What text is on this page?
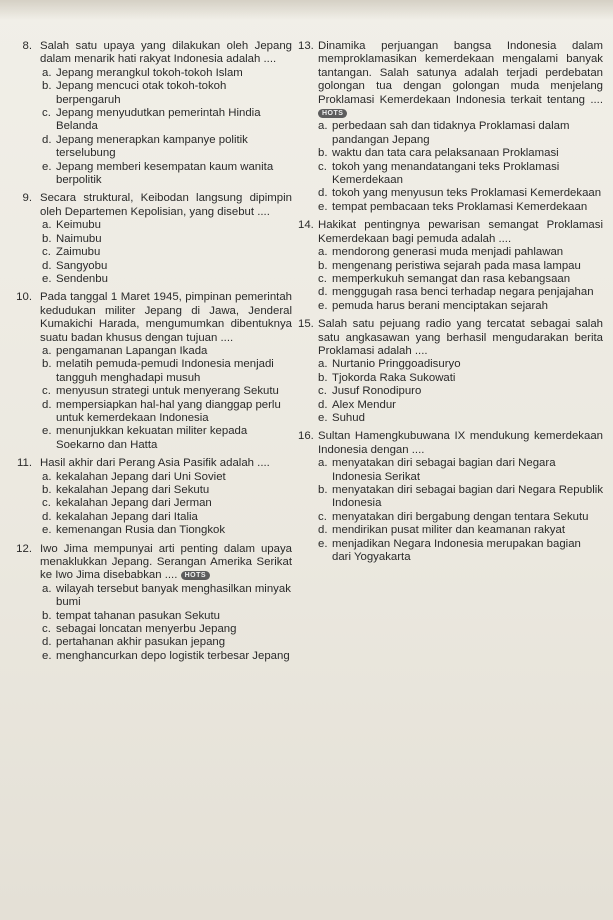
8. Salah satu upaya yang dilakukan oleh Jepang dalam menarik hati rakyat Indonesia adalah ....
a. Jepang merangkul tokoh-tokoh Islam
b. Jepang mencuci otak tokoh-tokoh berpengaruh
c. Jepang menyudutkan pemerintah Hindia Belanda
d. Jepang menerapkan kampanye politik terselubung
e. Jepang memberi kesempatan kaum wanita berpolitik
9. Secara struktural, Keibodan langsung dipimpin oleh Departemen Kepolisian, yang disebut ....
a. Keimubu
b. Naimubu
c. Zaimubu
d. Sangyobu
e. Sendenbu
10. Pada tanggal 1 Maret 1945, pimpinan pemerintah kedudukan militer Jepang di Jawa, Jenderal Kumakichi Harada, mengumumkan dibentuknya suatu badan khusus dengan tujuan ....
a. pengamanan Lapangan Ikada
b. melatih pemuda-pemudi Indonesia menjadi tangguh menghadapi musuh
c. menyusun strategi untuk menyerang Sekutu
d. mempersiapkan hal-hal yang dianggap perlu untuk kemerdekaan Indonesia
e. menunjukkan kekuatan militer kepada Soekarno dan Hatta
11. Hasil akhir dari Perang Asia Pasifik adalah ....
a. kekalahan Jepang dari Uni Soviet
b. kekalahan Jepang dari Sekutu
c. kekalahan Jepang dari Jerman
d. kekalahan Jepang dari Italia
e. kemenangan Rusia dan Tiongkok
12. Iwo Jima mempunyai arti penting dalam upaya menaklukkan Jepang. Serangan Amerika Serikat ke Iwo Jima disebabkan .... HOTS
a. wilayah tersebut banyak menghasilkan minyak bumi
b. tempat tahanan pasukan Sekutu
c. sebagai loncatan menyerbu Jepang
d. pertahanan akhir pasukan jepang
e. menghancurkan depo logistik terbesar Jepang
13. Dinamika perjuangan bangsa Indonesia dalam memproklamasikan kemerdekaan mengalami banyak tantangan. Salah satunya adalah terjadi perdebatan golongan tua dengan golongan muda menjelang Proklamasi Kemerdekaan Indonesia terkait tentang .... HOTS
a. perbedaan sah dan tidaknya Proklamasi dalam pandangan Jepang
b. waktu dan tata cara pelaksanaan Proklamasi
c. tokoh yang menandatangani teks Proklamasi Kemerdekaan
d. tokoh yang menyusun teks Proklamasi Kemerdekaan
e. tempat pembacaan teks Proklamasi Kemerdekaan
14. Hakikat pentingnya pewarisan semangat Proklamasi Kemerdekaan bagi pemuda adalah ....
a. mendorong generasi muda menjadi pahlawan
b. mengenang peristiwa sejarah pada masa lampau
c. memperkukuh semangat dan rasa kebangsaan
d. menggugah rasa benci terhadap negara penjajahan
e. pemuda harus berani menciptakan sejarah
15. Salah satu pejuang radio yang tercatat sebagai salah satu angkasawan yang berhasil mengudarakan berita Proklamasi adalah ....
a. Nurtanio Pringgoadisuryo
b. Tjokorda Raka Sukowati
c. Jusuf Ronodipuro
d. Alex Mendur
e. Suhud
16. Sultan Hamengkubuwana IX mendukung kemerdekaan Indonesia dengan ....
a. menyatakan diri sebagai bagian dari Negara Indonesia Serikat
b. menyatakan diri sebagai bagian dari Negara Republik Indonesia
c. menyatakan diri bergabung dengan tentara Sekutu
d. mendirikan pusat militer dan keamanan rakyat
e. menjadikan Negara Indonesia merupakan bagian dari Yogyakarta
